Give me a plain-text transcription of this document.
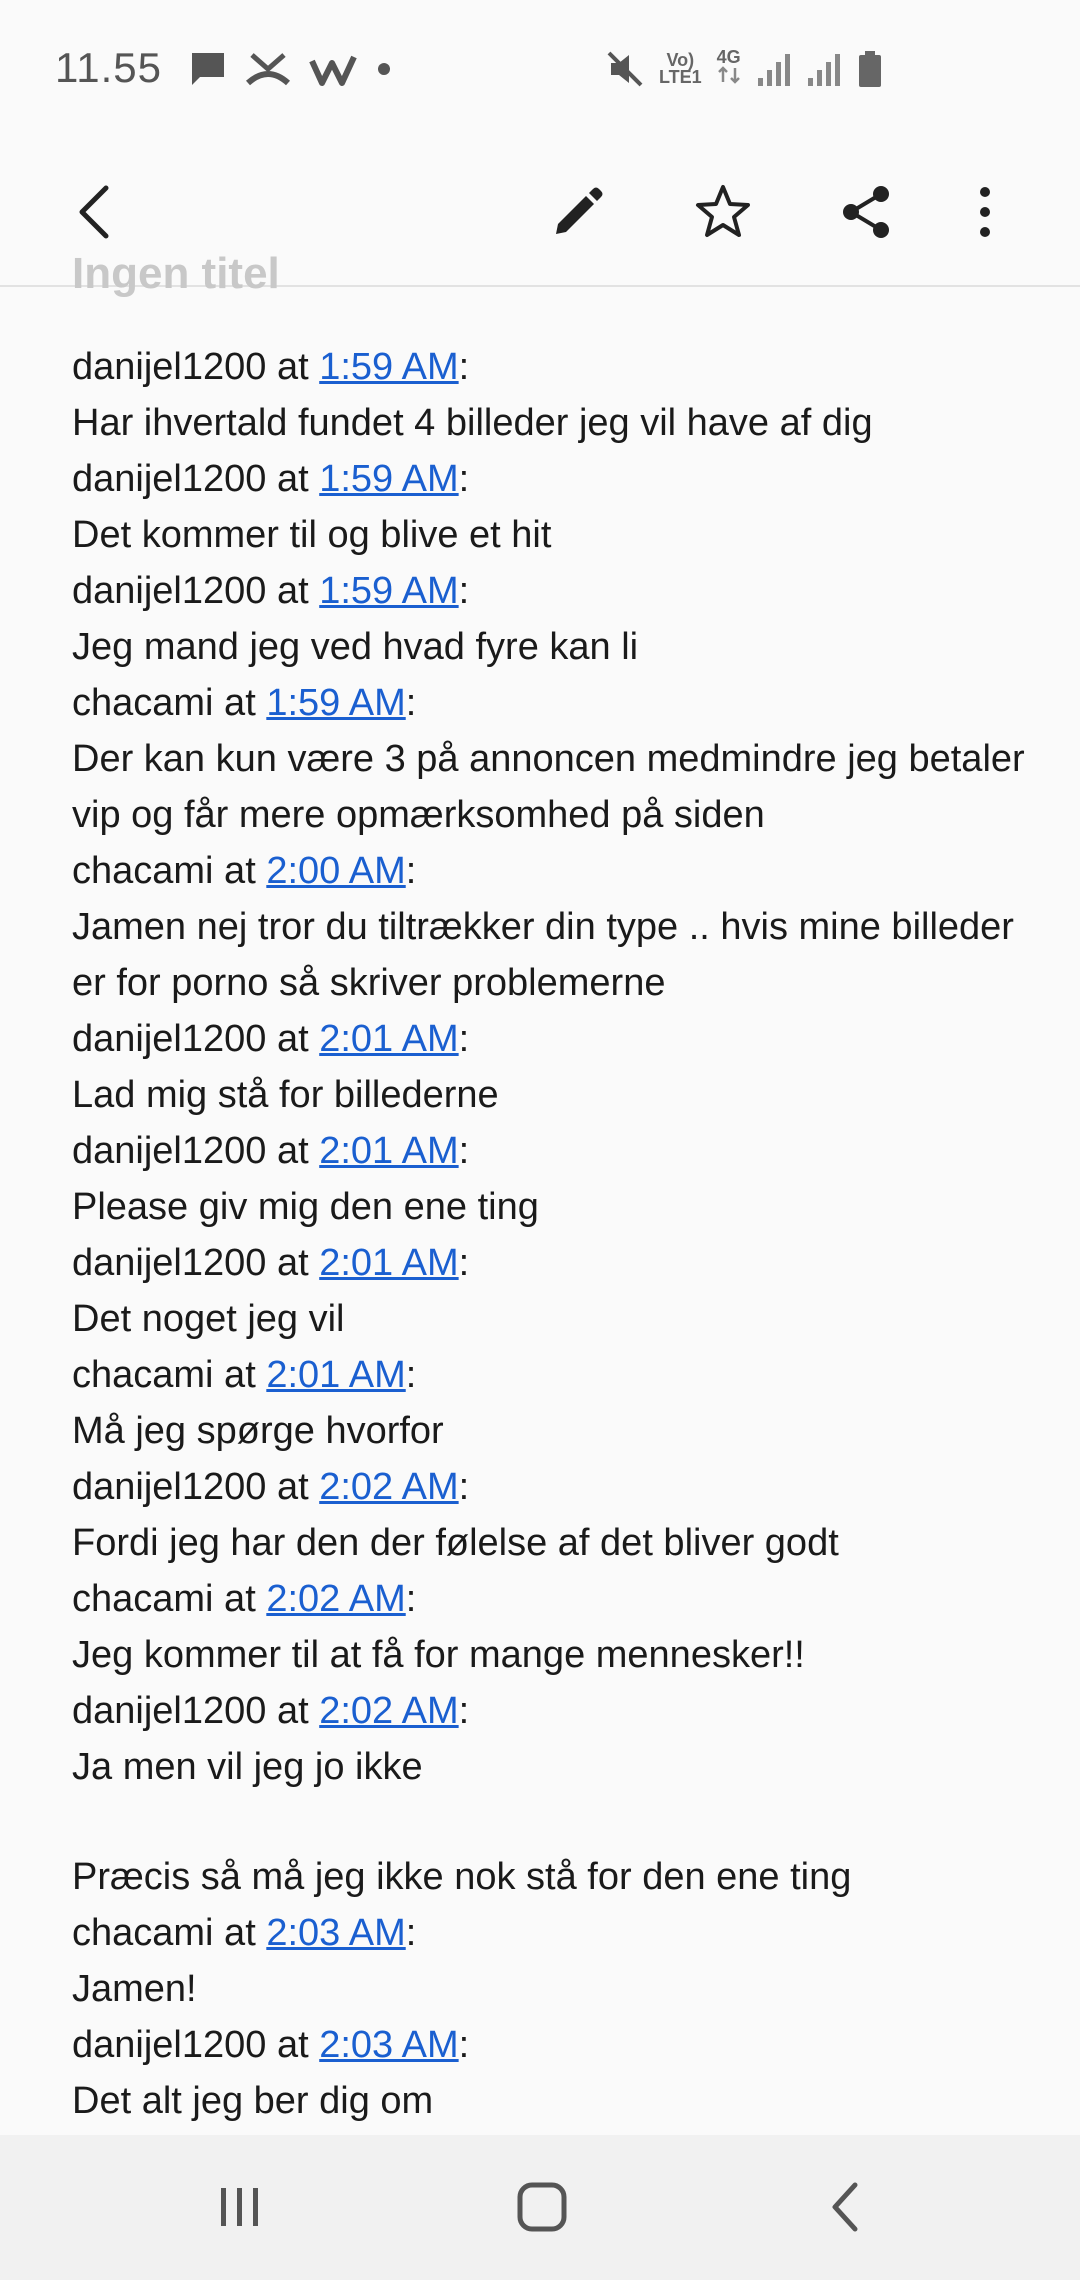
11.55	Vo)
LTE1
4G
Ingen titel
danijel1200 at 1:59 AM:
Har ihvertald fundet 4 billeder jeg vil have af dig
danijel1200 at 1:59 AM:
Det kommer til og blive et hit
danijel1200 at 1:59 AM:
Jeg mand jeg ved hvad fyre kan li
chacami at 1:59 AM:
Der kan kun være 3 på annoncen medmindre jeg betaler vip og får mere opmærksomhed på siden
chacami at 2:00 AM:
Jamen nej tror du tiltrækker din type .. hvis mine billeder er for porno så skriver problemerne
danijel1200 at 2:01 AM:
Lad mig stå for billederne
danijel1200 at 2:01 AM:
Please giv mig den ene ting
danijel1200 at 2:01 AM:
Det noget jeg vil
chacami at 2:01 AM:
Må jeg spørge hvorfor
danijel1200 at 2:02 AM:
Fordi jeg har den der følelse af det bliver godt
chacami at 2:02 AM:
Jeg kommer til at få for mange mennesker!!
danijel1200 at 2:02 AM:
Ja men vil jeg jo ikke
Præcis så må jeg ikke nok stå for den ene ting
chacami at 2:03 AM:
Jamen!
danijel1200 at 2:03 AM:
Det alt jeg ber dig om
